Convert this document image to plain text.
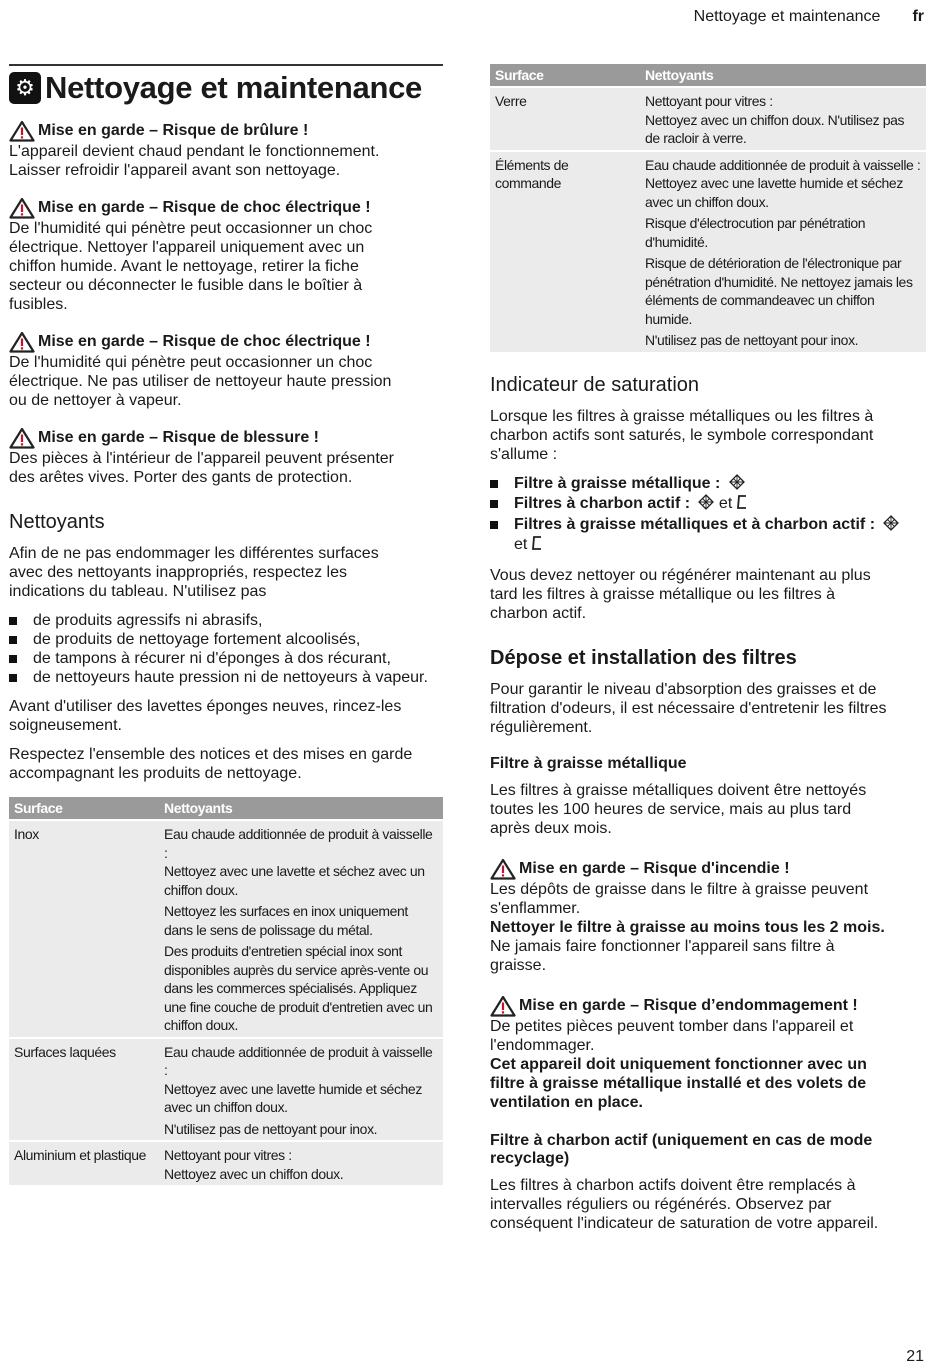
Nettoyage et maintenance fr
⚙ Nettoyage et maintenance
Mise en garde – Risque de brûlure !

L'appareil devient chaud pendant le fonctionnement.
Laisser refroidir l'appareil avant son nettoyage.

Mise en garde – Risque de choc électrique !

De l'humidité qui pénètre peut occasionner un choc
électrique. Nettoyer l'appareil uniquement avec un
chiffon humide. Avant le nettoyage, retirer la fiche
secteur ou déconnecter le fusible dans le boîtier à
fusibles.

Mise en garde – Risque de choc électrique !

De l'humidité qui pénètre peut occasionner un choc
électrique. Ne pas utiliser de nettoyeur haute pression
ou de nettoyer à vapeur.

Mise en garde – Risque de blessure !

Des pièces à l'intérieur de l'appareil peuvent présenter
des arêtes vives. Porter des gants de protection.

Nettoyants

Afin de ne pas endommager les différentes surfaces
avec des nettoyants inappropriés, respectez les
indications du tableau. N'utilisez pas

de produits agressifs ni abrasifs,
de produits de nettoyage fortement alcoolisés,
de tampons à récurer ni d'éponges à dos récurant,
de nettoyeurs haute pression ni de nettoyeurs à vapeur.

Avant d'utiliser des lavettes éponges neuves, rincez-les soigneusement.

Respectez l'ensemble des notices et des mises en garde accompagnant les produits de nettoyage.

Surface	Nettoyants
Inox	Eau chaude additionnée de produit à vaisselle :
Nettoyez avec une lavette et séchez avec un chiffon doux.
Nettoyez les surfaces en inox uniquement dans le sens de polissage du métal.
Des produits d'entretien spécial inox sont disponibles auprès du service après-vente ou dans les commerces spécialisés. Appliquez une fine couche de produit d'entretien avec un chiffon doux.

Surfaces laquées	Eau chaude additionnée de produit à vaisselle :
Nettoyez avec une lavette humide et séchez avec un chiffon doux.
N'utilisez pas de nettoyant pour inox.

Aluminium et plastique	Nettoyant pour vitres :
Nettoyez avec un chiffon doux.
Surface	Nettoyants
Verre	Nettoyant pour vitres :
Nettoyez avec un chiffon doux. N'utilisez pas de racloir à verre.

Éléments de commande	Eau chaude additionnée de produit à vaisselle :
Nettoyez avec une lavette humide et séchez avec un chiffon doux.
Risque d'électrocution par pénétration d'humidité.
Risque de détérioration de l'électronique par pénétration d'humidité. Ne nettoyez jamais les éléments de commandeavec un chiffon humide.
N'utilisez pas de nettoyant pour inox.
Indicateur de saturation

Lorsque les filtres à graisse métalliques ou les filtres à
charbon actifs sont saturés, le symbole correspondant
s'allume :

Filtre à graisse métallique :
Filtres à charbon actif :  et
Filtres à graisse métalliques et à charbon actif :
et

Vous devez nettoyer ou régénérer maintenant au plus
tard les filtres à graisse métallique ou les filtres à
charbon actif.

Dépose et installation des filtres

Pour garantir le niveau d'absorption des graisses et de
filtration d'odeurs, il est nécessaire d'entretenir les filtres
régulièrement.

Filtre à graisse métallique

Les filtres à graisse métalliques doivent être nettoyés
toutes les 100 heures de service, mais au plus tard
après deux mois.

Mise en garde – Risque d'incendie !

Les dépôts de graisse dans le filtre à graisse peuvent
s'enflammer.

Nettoyer le filtre à graisse au moins tous les 2 mois.

Ne jamais faire fonctionner l'appareil sans filtre à
graisse.

Mise en garde – Risque d’endommagement !

De petites pièces peuvent tomber dans l'appareil et
l'endommager.

Cet appareil doit uniquement fonctionner avec un
filtre à graisse métallique installé et des volets de
ventilation en place.

Filtre à charbon actif (uniquement en cas de mode recyclage)

Les filtres à charbon actifs doivent être remplacés à
intervalles réguliers ou régénérés. Observez par
conséquent l'indicateur de saturation de votre appareil.

21
